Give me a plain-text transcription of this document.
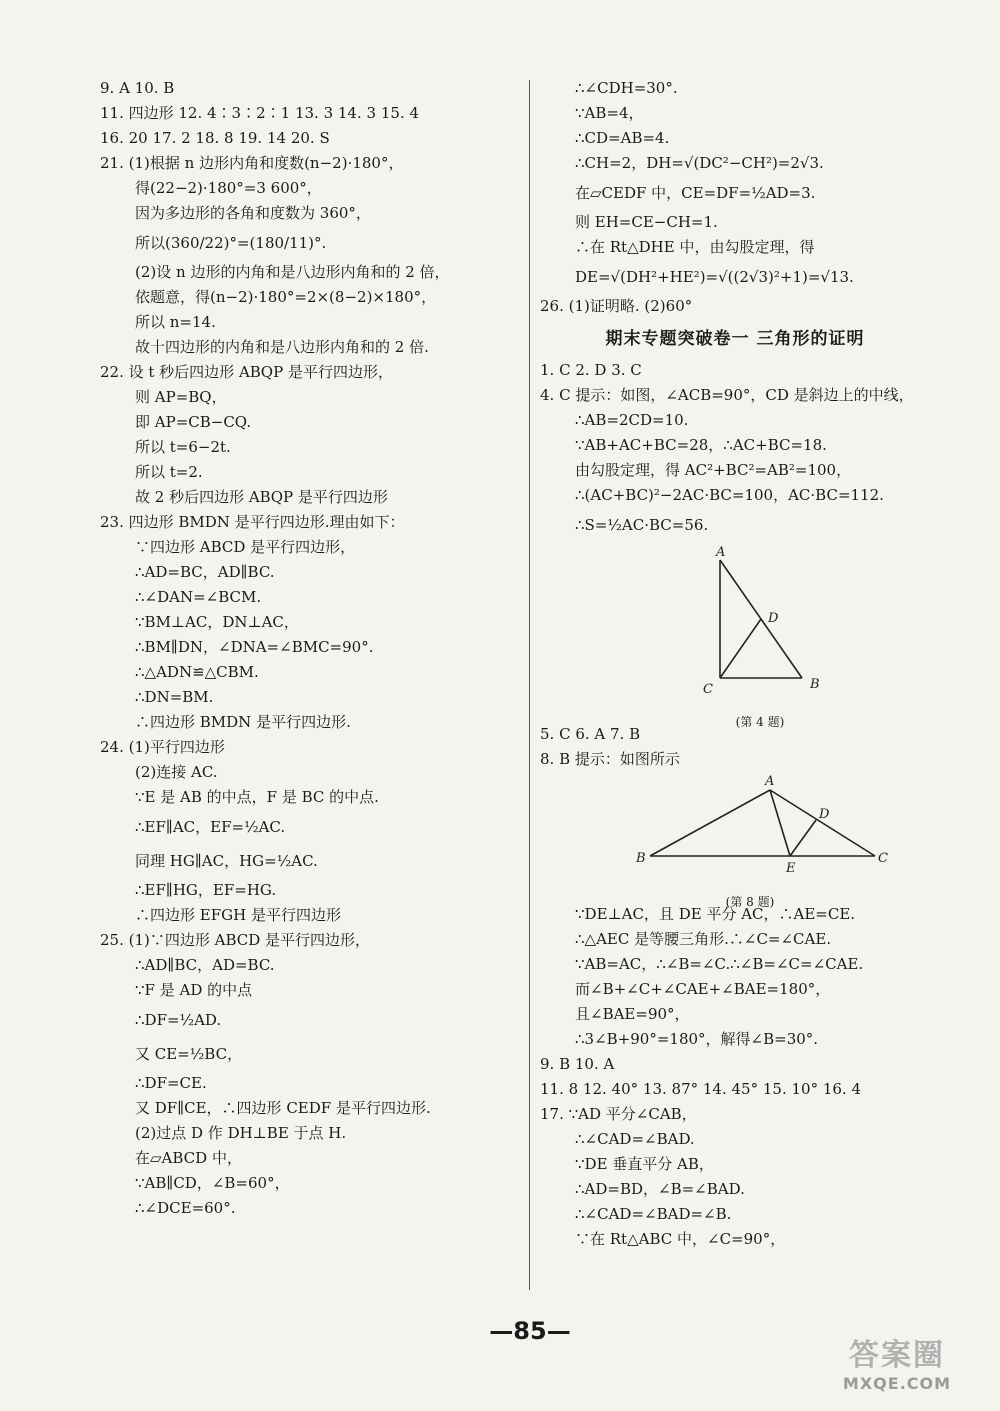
9. A 10. B
11. 四边形 12. 4∶3∶2∶1 13. 3 14. 3 15. 4
16. 20 17. 2 18. 8 19. 14 20. S
21. (1)根据 n 边形内角和度数(n−2)·180°，
得(22−2)·180°=3 600°，
因为多边形的各角和度数为 360°，
所以(360/22)°=(180/11)°.
(2)设 n 边形的内角和是八边形内角和的 2 倍，
依题意，得(n−2)·180°=2×(8−2)×180°，
所以 n=14.
故十四边形的内角和是八边形内角和的 2 倍.
22. 设 t 秒后四边形 ABQP 是平行四边形，
则 AP=BQ，
即 AP=CB−CQ.
所以 t=6−2t.
所以 t=2.
故 2 秒后四边形 ABQP 是平行四边形
23. 四边形 BMDN 是平行四边形.理由如下：
∵四边形 ABCD 是平行四边形，
∴AD=BC，AD∥BC.
∴∠DAN=∠BCM.
∵BM⊥AC，DN⊥AC，
∴BM∥DN，∠DNA=∠BMC=90°.
∴△ADN≌△CBM.
∴DN=BM.
∴四边形 BMDN 是平行四边形.
24. (1)平行四边形
(2)连接 AC.
∵E 是 AB 的中点，F 是 BC 的中点.
∴EF∥AC，EF=½AC.
同理 HG∥AC，HG=½AC.
∴EF∥HG，EF=HG.
∴四边形 EFGH 是平行四边形
25. (1)∵四边形 ABCD 是平行四边形，
∴AD∥BC，AD=BC.
∵F 是 AD 的中点
∴DF=½AD.
又 CE=½BC，
∴DF=CE.
又 DF∥CE，∴四边形 CEDF 是平行四边形.
(2)过点 D 作 DH⊥BE 于点 H.
在▱ABCD 中，
∵AB∥CD，∠B=60°，
∴∠DCE=60°.
∴∠CDH=30°.
∵AB=4，
∴CD=AB=4.
∴CH=2，DH=√(DC²−CH²)=2√3.
在▱CEDF 中，CE=DF=½AD=3.
则 EH=CE−CH=1.
∴在 Rt△DHE 中，由勾股定理，得
DE=√(DH²+HE²)=√((2√3)²+1)=√13.
26. (1)证明略. (2)60°
期末专题突破卷一 三角形的证明
1. C 2. D 3. C
4. C 提示：如图，∠ACB=90°，CD 是斜边上的中线，
∴AB=2CD=10.
∵AB+AC+BC=28，∴AC+BC=18.
由勾股定理，得 AC²+BC²=AB²=100，
∴(AC+BC)²−2AC·BC=100，AC·BC=112.
∴S=½AC·BC=56.
A
D
C	B
(第 4 题)
5. C 6. A 7. B
8. B 提示：如图所示
A
D
B
E
C
(第 8 题)
∵DE⊥AC，且 DE 平分 AC，∴AE=CE.
∴△AEC 是等腰三角形.∴∠C=∠CAE.
∵AB=AC，∴∠B=∠C.∴∠B=∠C=∠CAE.
而∠B+∠C+∠CAE+∠BAE=180°，
且∠BAE=90°，
∴3∠B+90°=180°，解得∠B=30°.
9. B 10. A
11. 8 12. 40° 13. 87° 14. 45° 15. 10° 16. 4
17. ∵AD 平分∠CAB，
∴∠CAD=∠BAD.
∵DE 垂直平分 AB，
∴AD=BD，∠B=∠BAD.
∴∠CAD=∠BAD=∠B.
∵在 Rt△ABC 中，∠C=90°，
—85—
答案圈
MXQE.COM
